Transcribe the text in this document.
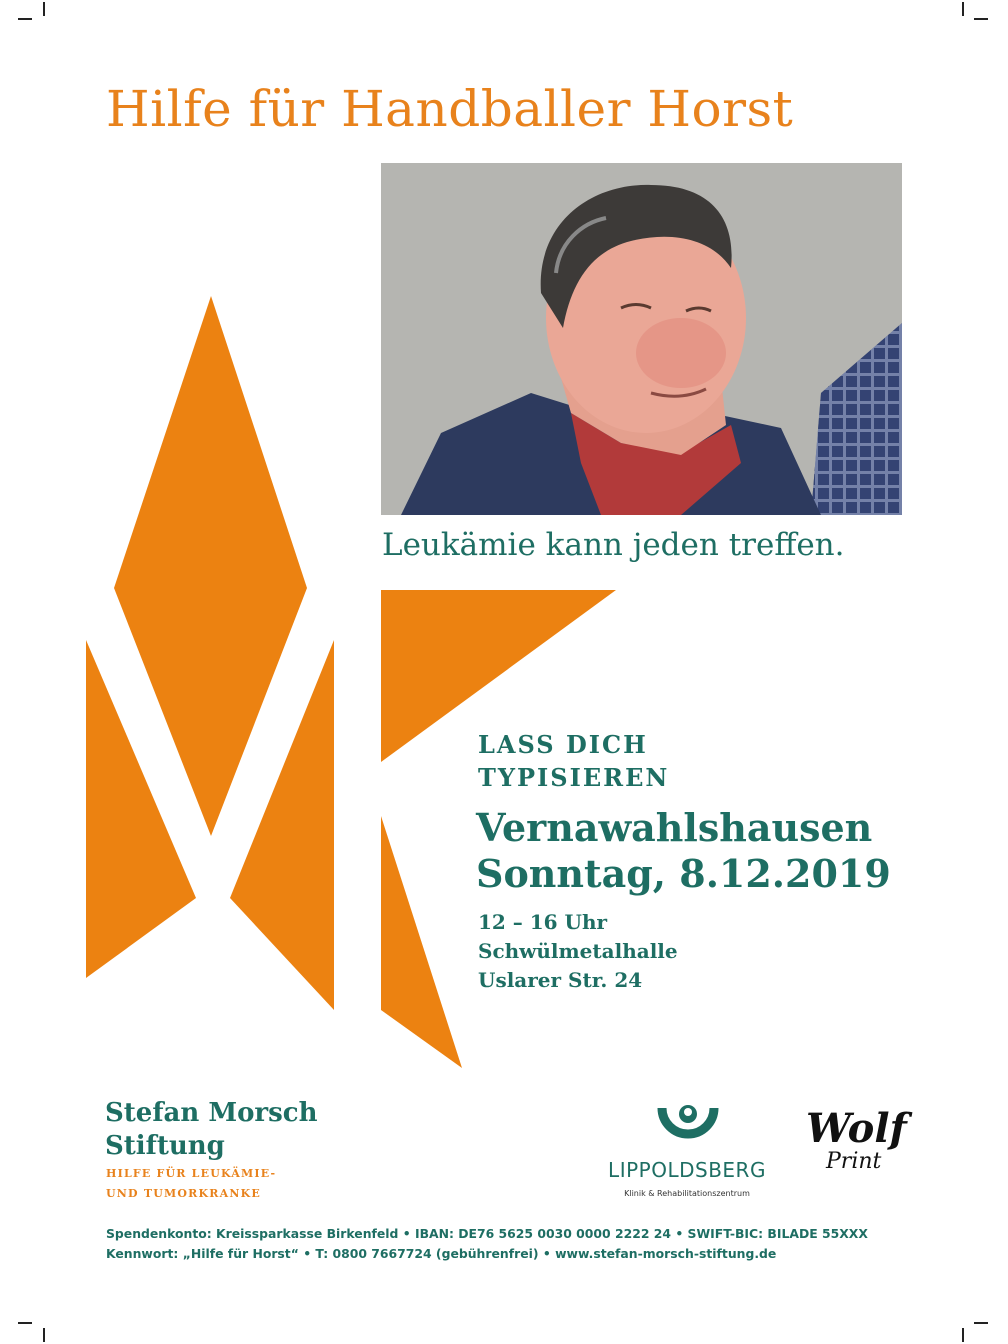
Hilfe für Handballer Horst
Leukämie kann jeden treffen.
LASS DICH
TYPISIEREN
Vernawahlshausen
Sonntag, 8.12.2019
12 – 16 Uhr
Schwülmetalhalle
Uslarer Str. 24
Stefan Morsch
Stiftung
HILFE FÜR LEUKÄMIE-
UND TUMORKRANKE
LIPPOLDSBERG
Klinik & Rehabilitationszentrum
Wolf
Print
Spendenkonto: Kreissparkasse Birkenfeld • IBAN: DE76 5625 0030 0000 2222 24 • SWIFT-BIC: BILADE 55XXX
Kennwort: „Hilfe für Horst“ • T: 0800 7667724 (gebührenfrei) • www.stefan-morsch-stiftung.de
